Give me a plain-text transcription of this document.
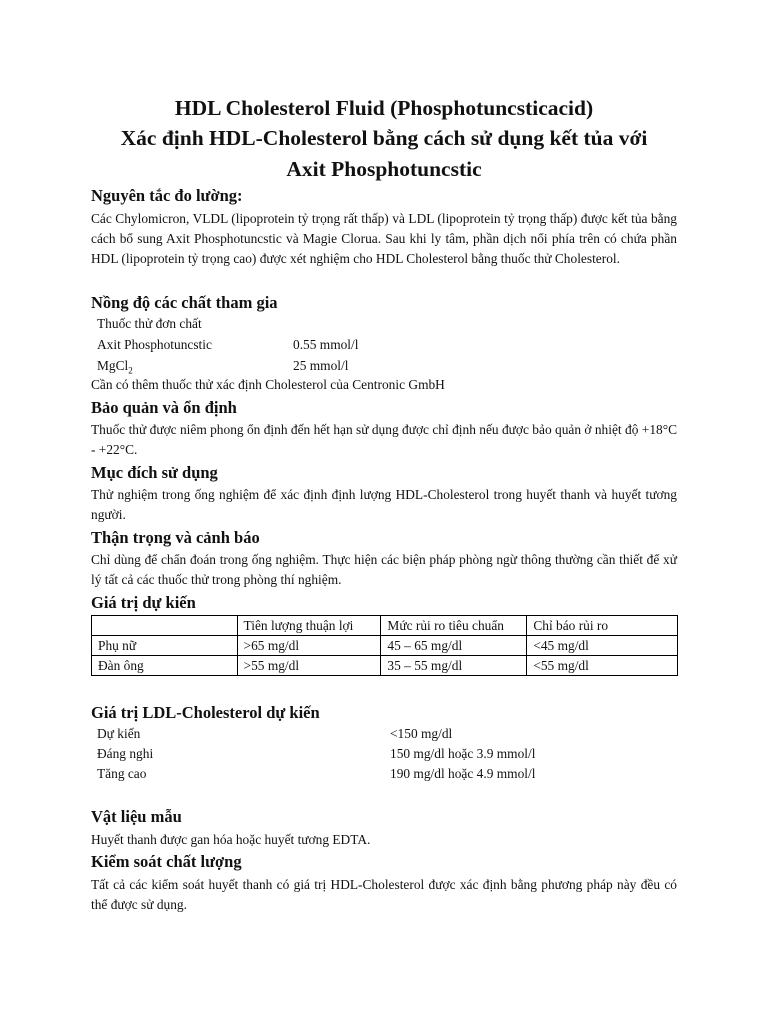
HDL Cholesterol Fluid (Phosphotuncsticacid)
Xác định HDL-Cholesterol bằng cách sử dụng kết tủa với
Axit Phosphotuncstic
Nguyên tắc đo lường:

Các Chylomicron, VLDL (lipoprotein tỷ trọng rất thấp) và LDL (lipoprotein tỷ trọng thấp) được kết tủa bằng cách bổ sung Axit Phosphotuncstic và Magie Clorua. Sau khi ly tâm, phần dịch nổi phía trên có chứa phần HDL (lipoprotein tỷ trọng cao) được xét nghiệm cho HDL Cholesterol bằng thuốc thử Cholesterol.

Nồng độ các chất tham gia

Thuốc thử đơn chất

Axit Phosphotuncstic	0.55 mmol/l

MgCl$_2$	25 mmol/l

Cần có thêm thuốc thử xác định Cholesterol của Centronic GmbH

Bảo quản và ổn định

Thuốc thử được niêm phong ổn định đến hết hạn sử dụng được chỉ định nếu được bảo quản ở nhiệt độ +18°C - +22°C.

Mục đích sử dụng

Thử nghiệm trong ống nghiệm để xác định định lượng HDL-Cholesterol trong huyết thanh và huyết tương người.

Thận trọng và cảnh báo

Chỉ dùng để chẩn đoán trong ống nghiệm. Thực hiện các biện pháp phòng ngừ thông thường cần thiết để xử lý tất cả các thuốc thử trong phòng thí nghiệm.

Giá trị dự kiến
	Tiên lượng thuận lợi	Mức rủi ro tiêu chuẩn	Chỉ báo rủi ro
Phụ nữ	>65 mg/dl	45 – 65 mg/dl	<45 mg/dl
Đàn ông	>55 mg/dl	35 – 55 mg/dl	<55 mg/dl
Giá trị LDL-Cholesterol dự kiến

Dự kiến	<150 mg/dl

Đáng nghi	150 mg/dl hoặc 3.9 mmol/l

Tăng cao	190 mg/dl hoặc 4.9 mmol/l

Vật liệu mẫu

Huyết thanh được gan hóa hoặc huyết tương EDTA.

Kiểm soát chất lượng

Tất cả các kiểm soát huyết thanh có giá trị HDL-Cholesterol được xác định bằng phương pháp này đều có thể được sử dụng.
